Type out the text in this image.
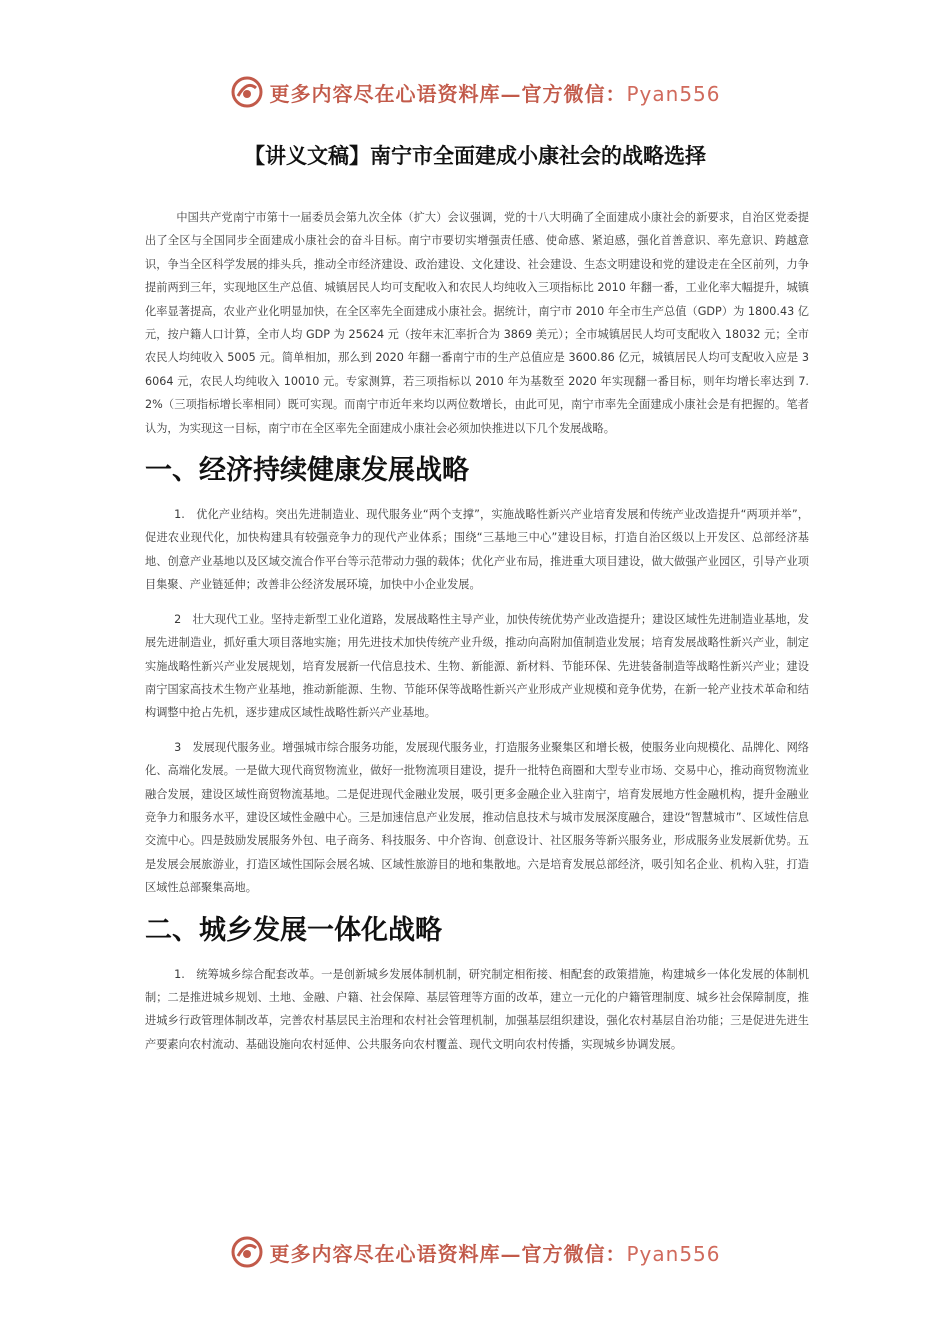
更多内容尽在心语资料库—官方微信：Pyan556
【讲义文稿】南宁市全面建成小康社会的战略选择

中国共产党南宁市第十一届委员会第九次全体（扩大）会议强调，党的十八大明确了全面建成小康社会的新要求，自治区党委提出了全区与全国同步全面建成小康社会的奋斗目标。南宁市要切实增强责任感、使命感、紧迫感，强化首善意识、率先意识、跨越意识，争当全区科学发展的排头兵，推动全市经济建设、政治建设、文化建设、社会建设、生态文明建设和党的建设走在全区前列，力争提前两到三年，实现地区生产总值、城镇居民人均可支配收入和农民人均纯收入三项指标比 2010 年翻一番，工业化率大幅提升，城镇化率显著提高，农业产业化明显加快，在全区率先全面建成小康社会。据统计，南宁市 2010 年全市生产总值（GDP）为 1800.43 亿元，按户籍人口计算，全市人均 GDP 为 25624 元（按年末汇率折合为 3869 美元）；全市城镇居民人均可支配收入 18032 元；全市农民人均纯收入 5005 元。简单相加，那么到 2020 年翻一番南宁市的生产总值应是 3600.86 亿元，城镇居民人均可支配收入应是 36064 元，农民人均纯收入 10010 元。专家测算，若三项指标以 2010 年为基数至 2020 年实现翻一番目标，则年均增长率达到 7.2%（三项指标增长率相同）既可实现。而南宁市近年来均以两位数增长，由此可见，南宁市率先全面建成小康社会是有把握的。笔者认为，为实现这一目标，南宁市在全区率先全面建成小康社会必须加快推进以下几个发展战略。

一、经济持续健康发展战略

1.　优化产业结构。突出先进制造业、现代服务业“两个支撑”，实施战略性新兴产业培育发展和传统产业改造提升“两项并举”，促进农业现代化，加快构建具有较强竞争力的现代产业体系；围绕“三基地三中心”建设目标，打造自治区级以上开发区、总部经济基地、创意产业基地以及区域交流合作平台等示范带动力强的载体；优化产业布局，推进重大项目建设，做大做强产业园区，引导产业项目集聚、产业链延伸；改善非公经济发展环境，加快中小企业发展。

2　壮大现代工业。坚持走新型工业化道路，发展战略性主导产业，加快传统优势产业改造提升；建设区域性先进制造业基地，发展先进制造业，抓好重大项目落地实施；用先进技术加快传统产业升级，推动向高附加值制造业发展；培育发展战略性新兴产业，制定实施战略性新兴产业发展规划，培育发展新一代信息技术、生物、新能源、新材料、节能环保、先进装备制造等战略性新兴产业；建设南宁国家高技术生物产业基地，推动新能源、生物、节能环保等战略性新兴产业形成产业规模和竞争优势，在新一轮产业技术革命和结构调整中抢占先机，逐步建成区域性战略性新兴产业基地。

3　发展现代服务业。增强城市综合服务功能，发展现代服务业，打造服务业聚集区和增长极，使服务业向规模化、品牌化、网络化、高端化发展。一是做大现代商贸物流业，做好一批物流项目建设，提升一批特色商圈和大型专业市场、交易中心，推动商贸物流业融合发展，建设区域性商贸物流基地。二是促进现代金融业发展，吸引更多金融企业入驻南宁，培育发展地方性金融机构，提升金融业竞争力和服务水平，建设区域性金融中心。三是加速信息产业发展，推动信息技术与城市发展深度融合，建设“智慧城市”、区域性信息交流中心。四是鼓励发展服务外包、电子商务、科技服务、中介咨询、创意设计、社区服务等新兴服务业，形成服务业发展新优势。五是发展会展旅游业，打造区域性国际会展名城、区域性旅游目的地和集散地。六是培育发展总部经济，吸引知名企业、机构入驻，打造区域性总部聚集高地。

二、城乡发展一体化战略

1.　统筹城乡综合配套改革。一是创新城乡发展体制机制，研究制定相衔接、相配套的政策措施，构建城乡一体化发展的体制机制；二是推进城乡规划、土地、金融、户籍、社会保障、基层管理等方面的改革，建立一元化的户籍管理制度、城乡社会保障制度，推进城乡行政管理体制改革，完善农村基层民主治理和农村社会管理机制，加强基层组织建设，强化农村基层自治功能；三是促进先进生产要素向农村流动、基础设施向农村延伸、公共服务向农村覆盖、现代文明向农村传播，实现城乡协调发展。

更多内容尽在心语资料库—官方微信：Pyan556
